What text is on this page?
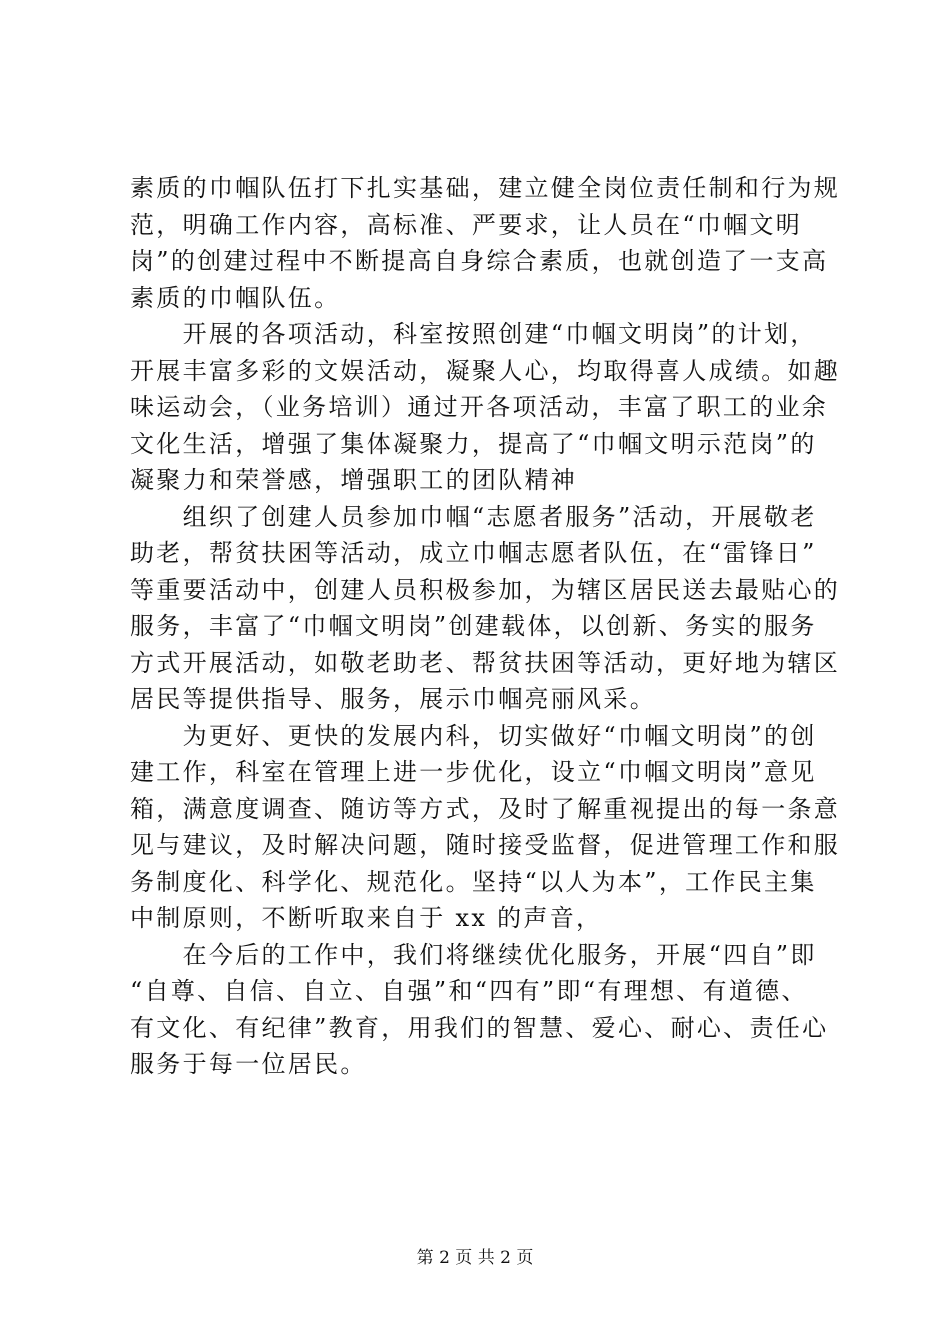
素质的巾帼队伍打下扎实基础，建立健全岗位责任制和行为规
范，明确工作内容，高标准、严要求，让人员在“巾帼文明
岗”的创建过程中不断提高自身综合素质，也就创造了一支高
素质的巾帼队伍。
　　开展的各项活动，科室按照创建“巾帼文明岗”的计划，
开展丰富多彩的文娱活动，凝聚人心，均取得喜人成绩。如趣
味运动会，（业务培训）通过开各项活动，丰富了职工的业余
文化生活，增强了集体凝聚力，提高了“巾帼文明示范岗”的
凝聚力和荣誉感，增强职工的团队精神
　　组织了创建人员参加巾帼“志愿者服务”活动，开展敬老
助老，帮贫扶困等活动，成立巾帼志愿者队伍，在“雷锋日”
等重要活动中，创建人员积极参加，为辖区居民送去最贴心的
服务，丰富了“巾帼文明岗”创建载体，以创新、务实的服务
方式开展活动，如敬老助老、帮贫扶困等活动，更好地为辖区
居民等提供指导、服务，展示巾帼亮丽风采。
　　为更好、更快的发展内科，切实做好“巾帼文明岗”的创
建工作，科室在管理上进一步优化，设立“巾帼文明岗”意见
箱，满意度调查、随访等方式，及时了解重视提出的每一条意
见与建议，及时解决问题，随时接受监督，促进管理工作和服
务制度化、科学化、规范化。坚持“以人为本”，工作民主集
中制原则，不断听取来自于 xx 的声音，
　　在今后的工作中，我们将继续优化服务，开展“四自”即
“自尊、自信、自立、自强”和“四有”即“有理想、有道德、
有文化、有纪律”教育，用我们的智慧、爱心、耐心、责任心
服务于每一位居民。
第 2 页 共 2 页
